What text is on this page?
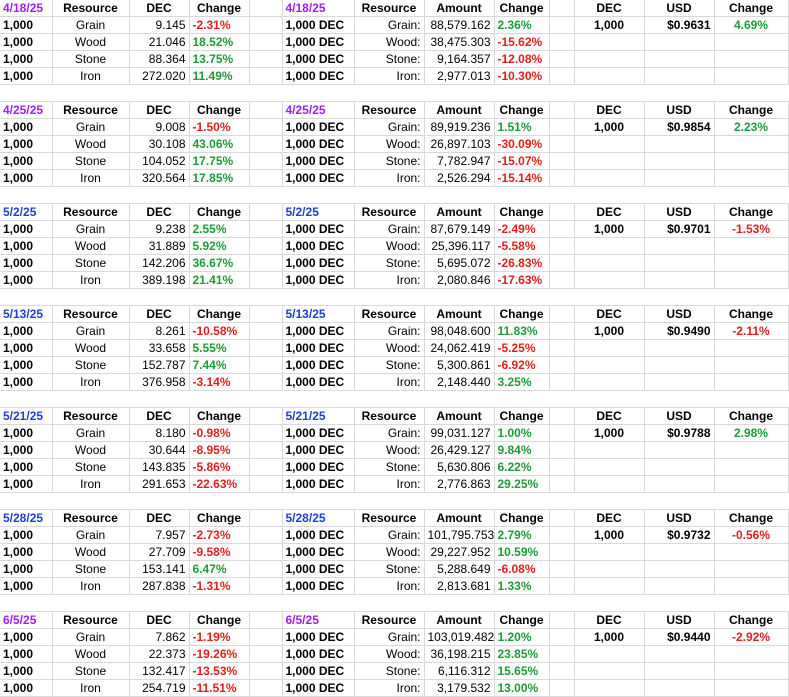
4/18/25	Resource	DEC	Change		4/18/25	Resource	Amount	Change		DEC	USD	Change
1,000	Grain	9.145	-2.31%		1,000 DEC	Grain:	88,579.162	2.36%		1,000	$0.9631	4.69%
1,000	Wood	21.046	18.52%		1,000 DEC	Wood:	38,475.303	-15.62%				
1,000	Stone	88.364	13.75%		1,000 DEC	Stone:	9,164.357	-12.08%				
1,000	Iron	272.020	11.49%		1,000 DEC	Iron:	2,977.013	-10.30%				

4/25/25	Resource	DEC	Change		4/25/25	Resource	Amount	Change		DEC	USD	Change
1,000	Grain	9.008	-1.50%		1,000 DEC	Grain:	89,919.236	1.51%		1,000	$0.9854	2.23%
1,000	Wood	30.108	43.06%		1,000 DEC	Wood:	26,897.103	-30.09%				
1,000	Stone	104.052	17.75%		1,000 DEC	Stone:	7,782.947	-15.07%				
1,000	Iron	320.564	17.85%		1,000 DEC	Iron:	2,526.294	-15.14%				

5/2/25	Resource	DEC	Change		5/2/25	Resource	Amount	Change		DEC	USD	Change
1,000	Grain	9.238	2.55%		1,000 DEC	Grain:	87,679.149	-2.49%		1,000	$0.9701	-1.53%
1,000	Wood	31.889	5.92%		1,000 DEC	Wood:	25,396.117	-5.58%				
1,000	Stone	142.206	36.67%		1,000 DEC	Stone:	5,695.072	-26.83%				
1,000	Iron	389.198	21.41%		1,000 DEC	Iron:	2,080.846	-17.63%				

5/13/25	Resource	DEC	Change		5/13/25	Resource	Amount	Change		DEC	USD	Change
1,000	Grain	8.261	-10.58%		1,000 DEC	Grain:	98,048.600	11.83%		1,000	$0.9490	-2.11%
1,000	Wood	33.658	5.55%		1,000 DEC	Wood:	24,062.419	-5.25%				
1,000	Stone	152.787	7.44%		1,000 DEC	Stone:	5,300.861	-6.92%				
1,000	Iron	376.958	-3.14%		1,000 DEC	Iron:	2,148.440	3.25%				

5/21/25	Resource	DEC	Change		5/21/25	Resource	Amount	Change		DEC	USD	Change
1,000	Grain	8.180	-0.98%		1,000 DEC	Grain:	99,031.127	1.00%		1,000	$0.9788	2.98%
1,000	Wood	30.644	-8.95%		1,000 DEC	Wood:	26,429.127	9.84%				
1,000	Stone	143.835	-5.86%		1,000 DEC	Stone:	5,630.806	6.22%				
1,000	Iron	291.653	-22.63%		1,000 DEC	Iron:	2,776.863	29.25%				

5/28/25	Resource	DEC	Change		5/28/25	Resource	Amount	Change		DEC	USD	Change
1,000	Grain	7.957	-2.73%		1,000 DEC	Grain:	101,795.753	2.79%		1,000	$0.9732	-0.56%
1,000	Wood	27.709	-9.58%		1,000 DEC	Wood:	29,227.952	10.59%				
1,000	Stone	153.141	6.47%		1,000 DEC	Stone:	5,288.649	-6.08%				
1,000	Iron	287.838	-1.31%		1,000 DEC	Iron:	2,813.681	1.33%				

6/5/25	Resource	DEC	Change		6/5/25	Resource	Amount	Change		DEC	USD	Change
1,000	Grain	7.862	-1.19%		1,000 DEC	Grain:	103,019.482	1.20%		1,000	$0.9440	-2.92%
1,000	Wood	22.373	-19.26%		1,000 DEC	Wood:	36,198.215	23.85%				
1,000	Stone	132.417	-13.53%		1,000 DEC	Stone:	6,116.312	15.65%				
1,000	Iron	254.719	-11.51%		1,000 DEC	Iron:	3,179.532	13.00%				
